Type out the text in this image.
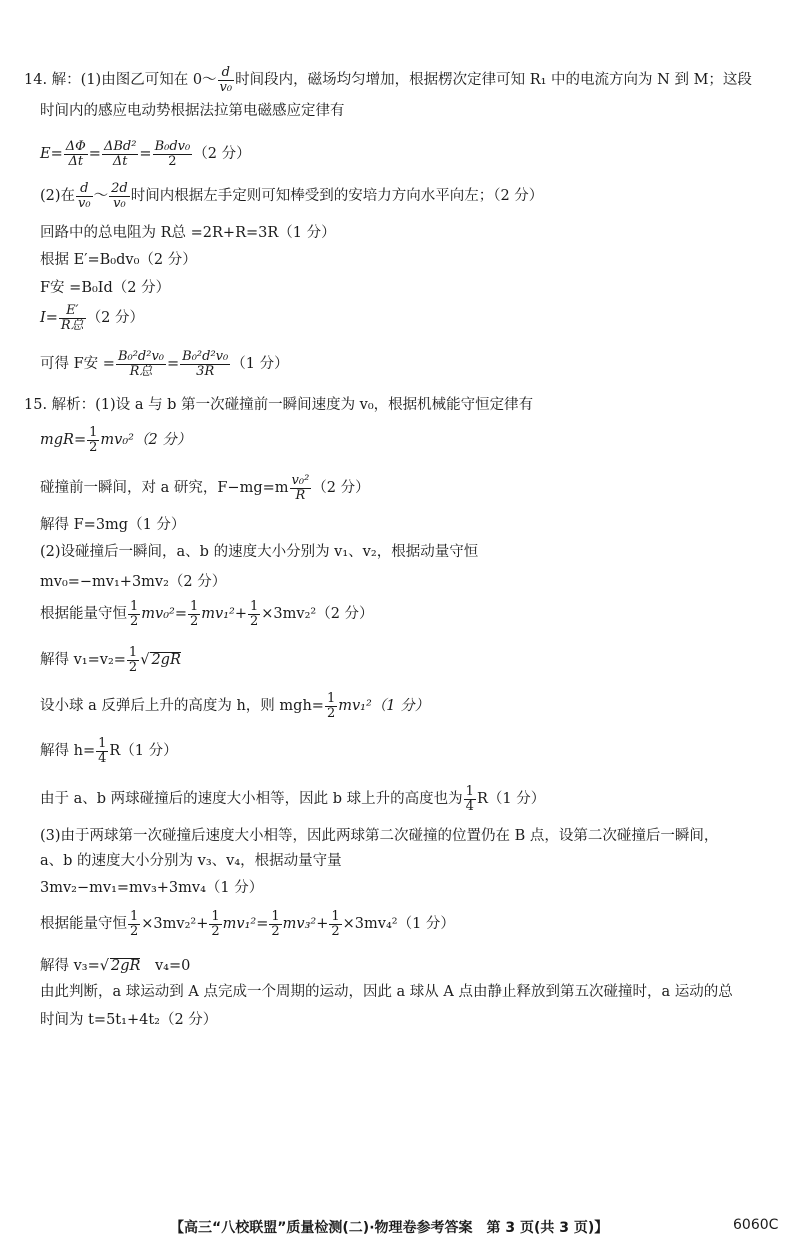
14. 解：(1)由图乙可知在 0～ $\frac{d}{\text{v₀}}$ 时间段内，磁场均匀增加，根据楞次定律可知 R₁ 中的电流方向为 N 到 M；这段
时间内的感应电动势根据法拉第电磁感应定律有
$E= \frac{\Delta\Phi}{\Delta t} = \frac{\text{ΔBd²}}{\Delta t} = \frac{\text{B₀dv₀}}{2} (2$ 分）
(2)在 $\frac{d}{\text{v₀}}$ ～ $\frac{2d}{\text{v₀}}$ 时间内根据左手定则可知棒受到的安培力方向水平向左；（2 分）
回路中的总电阻为 R总 =2R+R=3R（1 分）
根据 E′=B₀dv₀（2 分）
F安 =B₀Id（2 分）
$I= \frac{E'}{\text{R总}} (2$ 分）
可得 F安 = $\frac{\text{B₀²d²v₀}}{\text{R总}} = \frac{\text{B₀²d²v₀}}{3R} (1$ 分）
15. 解析：(1)设 a 与 b 第一次碰撞前一瞬间速度为 v₀，根据机械能守恒定律有
$mgR= \frac{1}{2} mv_0^2(2$ 分）
碰撞前一瞬间，对 a 研究，$F-mg=m \frac{\text{v₀²}}{R} (2$ 分）
解得 F=3mg（1 分）
(2)设碰撞后一瞬间，a、b 的速度大小分别为 v₁、v₂，根据动量守恒
mv₀=−mv₁+3mv₂（2 分）
根据能量守恒 $\frac{1}{2} mv_0^2= \frac{1}{2} mv_1^2+ \frac{1}{2} \times 3mv_2^2(2$ 分）
解得 $v_1=v_2= \frac{1}{2}$ √ 2gR
设小球 a 反弹后上升的高度为 h，则 $mgh= \frac{1}{2} mv_1^2(1$ 分）
解得 $h= \frac{1}{4} R(1$ 分）
由于 a、b 两球碰撞后的速度大小相等，因此 b 球上升的高度也为 $\frac{1}{4} R(1$ 分）
(3)由于两球第一次碰撞后速度大小相等，因此两球第二次碰撞的位置仍在 B 点，设第二次碰撞后一瞬间，
a、b 的速度大小分别为 v₃、v₄，根据动量守量
3mv₂−mv₁=mv₃+3mv₄（1 分）
根据能量守恒 $\frac{1}{2} \times 3mv_2^2+ \frac{1}{2} mv_1^2= \frac{1}{2} mv_3^2+ \frac{1}{2} \times 3mv_4^2(1$ 分）
解得 v₃=√ 2gR　v₄=0
由此判断，a 球运动到 A 点完成一个周期的运动，因此 a 球从 A 点由静止释放到第五次碰撞时，a 运动的总
时间为 t=5t₁+4t₂（2 分）
【高三“八校联盟”质量检测(二)·物理卷参考答案　第 3 页(共 3 页)】	6060C
